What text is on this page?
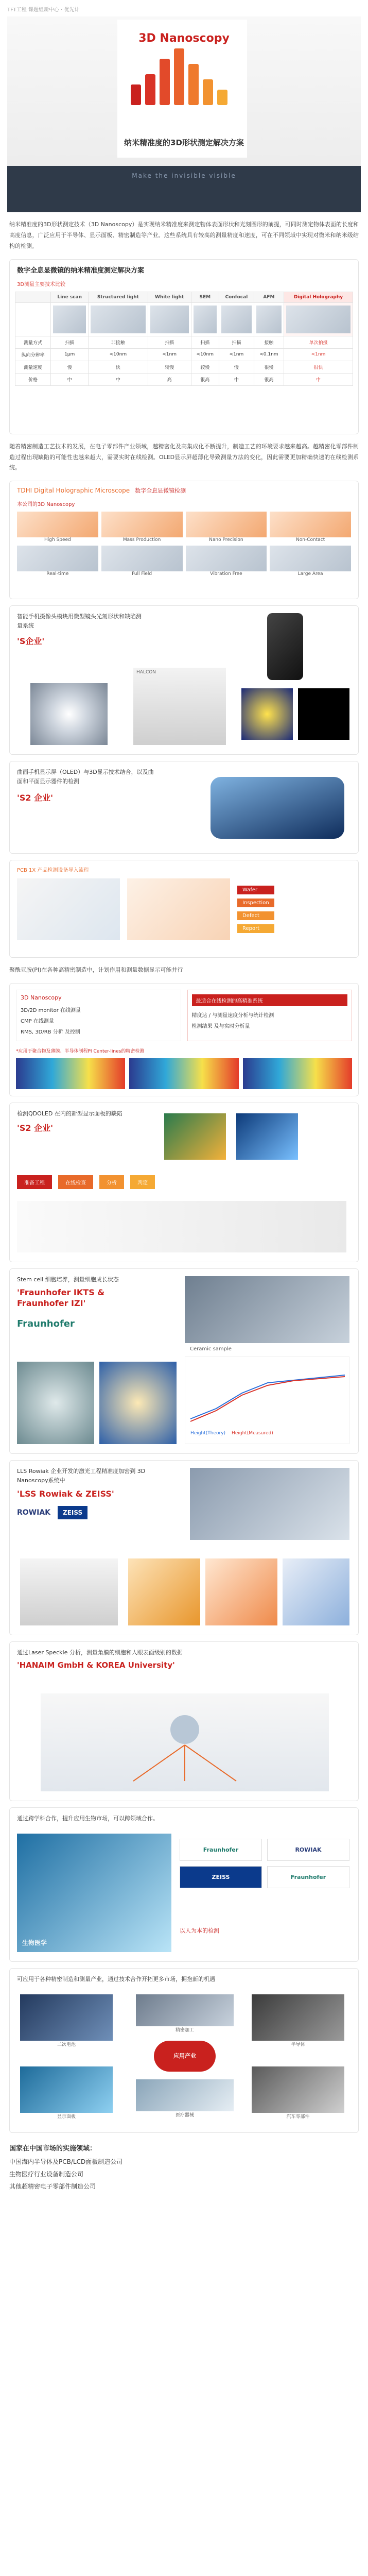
TFT工程 课题组新中心 · 优先计
3D Nanoscopy
纳米精准度的3D形状测定解决方案
Make the invisible visible
纳米精准度的3D形状测定技术（3D Nanoscopy）是实现纳米精准度来测定物体表面形状和光刻图形的前提，可同时测定物体表面的长度和高度信息，广泛应用于半导体、显示面板、精密制造等产业。这些系统具有较高的测量精度和速度，可在不同领域中实现对微米和纳米级结构的检测。
数字全息显微镜的纳米精准度测定解决方案
3D测量主要技术比较
	Line scan	Structured light	White light	SEM	Confocal	AFM	Digital Holography

测量方式	扫描	非接触	扫描	扫描	扫描	接触	单次拍摄
纵向分辨率	1μm	<10nm	<1nm	<10nm	<1nm	<0.1nm	<1nm
测量速度	慢	快	较慢	较慢	慢	很慢	很快
价格	中	中	高	很高	中	很高	中
随着精密制造工艺技术的发展，在电子零部件产业领域，越精密化及高集成化不断提升，制造工艺的环境要求越来越高。越精密化零部件制造过程出现缺陷的可能性也越来越大，需要实时在线检测。OLED显示屏超薄化导致测量方法的变化，因此需要更加精确快速的在线检测系统。
TDHI Digital Holographic Microscope 数字全息显微镜检测
本公司的3D Nanoscopy
High Speed	Mass Production	Nano Precision	Non-Contact
Real-time	Full Field	Vibration Free	Large Area
智能手机摄像头模块用微型镜头光刻形状和缺陷测量系统
'S企业'
HALCON
曲面手机显示屏（OLED）与3D显示技术结合，以及曲面和平面显示器件的检测
'S2 企业'
PCB 1X 产品检测设备导入流程
Wafer
Inspection
Defect
Report
聚酰亚胺(PI)在各种高精密制造中，计划作用和测量数据显示可能并行
3D Nanoscopy
3D/2D monitor 在线测量
CMP 在线测量
RMS, 3D/RB 分析 及控制
最适合在线检测的高精准系统
精度达 / 与测量速度分析与统计检测
检测结果 及与实时分析量
*应用于聚合物及薄膜、半导体制程PI Center-lines的精密检测
检测QDOLED 在内的新型显示面板的缺陷
'S2 企业'
准备工程	在线检查	分析	判定
Stem cell 细胞培养，测量细胞成长状态
'Fraunhofer IKTS & Fraunhofer IZI'
Fraunhofer
Ceramic sample
Height(Theory) Height(Measured)
LLS Rowiak 企业开发的激光工程精准度加密到 3D Nanoscopy系统中
'LSS Rowiak & ZEISS'
ROWIAK	ZEISS
通过Laser Speckle 分析，测量角膜的细胞和人眼表面级别的数据
'HANAIM GmbH & KOREA University'
通过跨学科合作，提升应用生物市场，可以跨领域合作。
生物医学
Fraunhofer	ROWIAK
ZEISS	Fraunhofer
以人为本的检测
可应用于各种精密制造和测量产业，通过技术合作开拓更多市场，拥抱新的机遇
应用产业
二次电池	半导体
显示面板	汽车零部件
精密加工
医疗器械
国家在中国市场的实施领域：
中国海内半导体及PCB/LCD面板制造公司
生物医疗行业设备制造公司
其他超精密电子零部件制造公司
